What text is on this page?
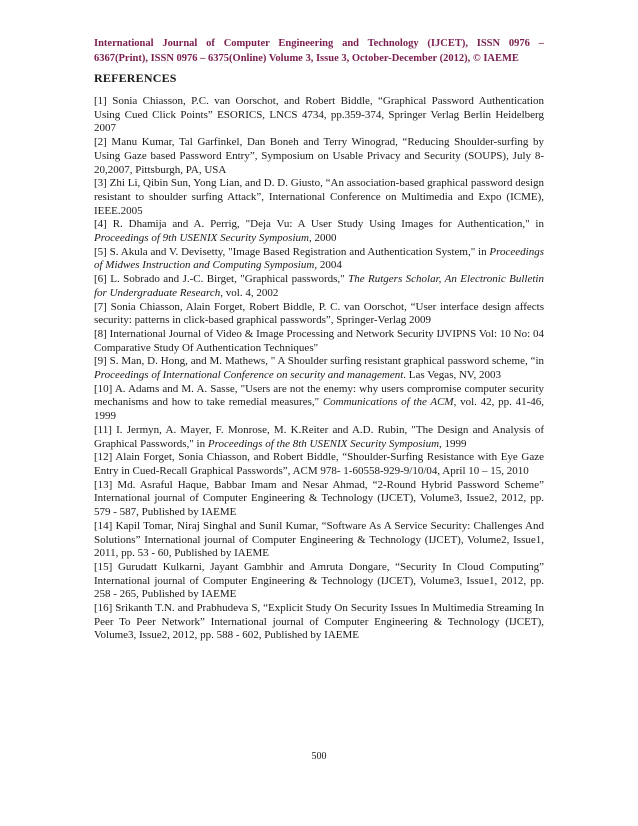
International Journal of Computer Engineering and Technology (IJCET), ISSN 0976 –
6367(Print), ISSN 0976 – 6375(Online) Volume 3, Issue 3, October-December (2012), © IAEME
REFERENCES

[1] Sonia Chiasson, P.C. van Oorschot, and Robert Biddle, “Graphical Password Authentication Using Cued Click Points” ESORICS, LNCS 4734, pp.359-374, Springer Verlag Berlin Heidelberg 2007

[2] Manu Kumar, Tal Garfinkel, Dan Boneh and Terry Winograd, “Reducing Shoulder-surfing by Using Gaze based Password Entry”, Symposium on Usable Privacy and Security (SOUPS), July 8-20,2007, Pittsburgh, PA, USA

[3] Zhi Li, Qibin Sun, Yong Lian, and D. D. Giusto, “An association-based graphical password design resistant to shoulder surfing Attack”, International Conference on Multimedia and Expo (ICME), IEEE.2005

[4] R. Dhamija and A. Perrig, "Deja Vu: A User Study Using Images for Authentication," in Proceedings of 9th USENIX Security Symposium, 2000

[5] S. Akula and V. Devisetty, "Image Based Registration and Authentication System," in Proceedings of Midwes Instruction and Computing Symposium, 2004

[6] L. Sobrado and J.-C. Birget, "Graphical passwords," The Rutgers Scholar, An Electronic Bulletin for Undergraduate Research, vol. 4, 2002

[7] Sonia Chiasson, Alain Forget, Robert Biddle, P. C. van Oorschot, “User interface design affects security: patterns in click-based graphical passwords”, Springer-Verlag 2009

[8] International Journal of Video & Image Processing and Network Security IJVIPNS Vol: 10 No: 04 Comparative Study Of Authentication Techniques"

[9] S. Man, D. Hong, and M. Mathews, " A Shoulder surfing resistant graphical password scheme, “in Proceedings of International Conference on security and management. Las Vegas, NV, 2003

[10] A. Adams and M. A. Sasse, "Users are not the enemy: why users compromise computer security mechanisms and how to take remedial measures," Communications of the ACM, vol. 42, pp. 41-46, 1999

[11] I. Jermyn, A. Mayer, F. Monrose, M. K.Reiter and A.D. Rubin, "The Design and Analysis of Graphical Passwords," in Proceedings of the 8th USENIX Security Symposium, 1999

[12] Alain Forget, Sonia Chiasson, and Robert Biddle, “Shoulder-Surfing Resistance with Eye Gaze Entry in Cued-Recall Graphical Passwords”, ACM 978- 1-60558-929-9/10/04, April 10 – 15, 2010

[13] Md. Asraful Haque, Babbar Imam and Nesar Ahmad, “2-Round Hybrid Password Scheme” International journal of Computer Engineering & Technology (IJCET), Volume3, Issue2, 2012, pp. 579 - 587, Published by IAEME

[14] Kapil Tomar, Niraj Singhal and Sunil Kumar, “Software As A Service Security: Challenges And Solutions” International journal of Computer Engineering & Technology (IJCET), Volume2, Issue1, 2011, pp. 53 - 60, Published by IAEME

[15] Gurudatt Kulkarni, Jayant Gambhir and Amruta Dongare, “Security In Cloud Computing” International journal of Computer Engineering & Technology (IJCET), Volume3, Issue1, 2012, pp. 258 - 265, Published by IAEME

[16] Srikanth T.N. and Prabhudeva S, “Explicit Study On Security Issues In Multimedia Streaming In Peer To Peer Network” International journal of Computer Engineering & Technology (IJCET), Volume3, Issue2, 2012, pp. 588 - 602, Published by IAEME

500
